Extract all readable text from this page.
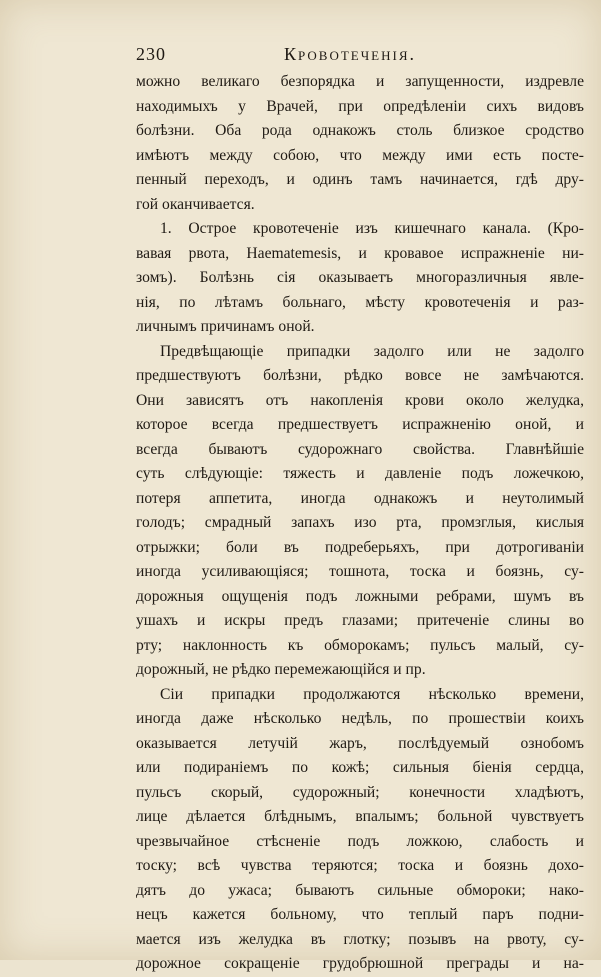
230	Кровотеченія.
можно великаго безпорядка и запущенности, издревле
находимыхъ у Врачей, при опредѣленіи сихъ видовъ
болѣзни. Оба рода однакожъ столь близкое сродство
имѣютъ между собою, что между ими есть посте-
пенный переходъ, и одинъ тамъ начинается, гдѣ дру-
гой оканчивается.
1. Острое кровотеченіе изъ кишечнаго канала. (Кро-
вавая рвота, Haematemesis, и кровавое испражненіе ни-
зомъ). Болѣзнь сія оказываетъ многоразличныя явле-
нія, по лѣтамъ больнаго, мѣсту кровотеченія и раз-
личнымъ причинамъ оной.
Предвѣщающіе припадки задолго или не задолго
предшествуютъ болѣзни, рѣдко вовсе не замѣчаются.
Они зависятъ отъ накопленія крови около желудка,
которое всегда предшествуетъ испражненію оной, и
всегда бываютъ судорожнаго свойства. Главнѣйшіе
суть слѣдующіе: тяжесть и давленіе подъ ложечкою,
потеря аппетита, иногда однакожъ и неутолимый
голодъ; смрадный запахъ изо рта, промзглыя, кислыя
отрыжки; боли въ подреберьяхъ, при дотрогиваніи
иногда усиливающіяся; тошнота, тоска и боязнь, су-
дорожныя ощущенія подъ ложными ребрами, шумъ въ
ушахъ и искры предъ глазами; притеченіе слины во
рту; наклонность къ обморокамъ; пульсъ малый, су-
дорожный, не рѣдко перемежающійся и пр.
Сіи припадки продолжаются нѣсколько времени,
иногда даже нѣсколько недѣль, по прошествіи коихъ
оказывается летучій жаръ, послѣдуемый ознобомъ
или подираніемъ по кожѣ; сильныя біенія сердца,
пульсъ скорый, судорожный; конечности хладѣютъ,
лице дѣлается блѣднымъ, впалымъ; больной чувствуетъ
чрезвычайное стѣсненіе подъ ложкою, слабость и
тоску; всѣ чувства теряются; тоска и боязнь дохо-
дятъ до ужаса; бываютъ сильные обмороки; нако-
нецъ кажется больному, что теплый паръ подни-
мается изъ желудка въ глотку; позывъ на рвоту, су-
дорожное сокращеніе грудобрюшной преграды и на-
